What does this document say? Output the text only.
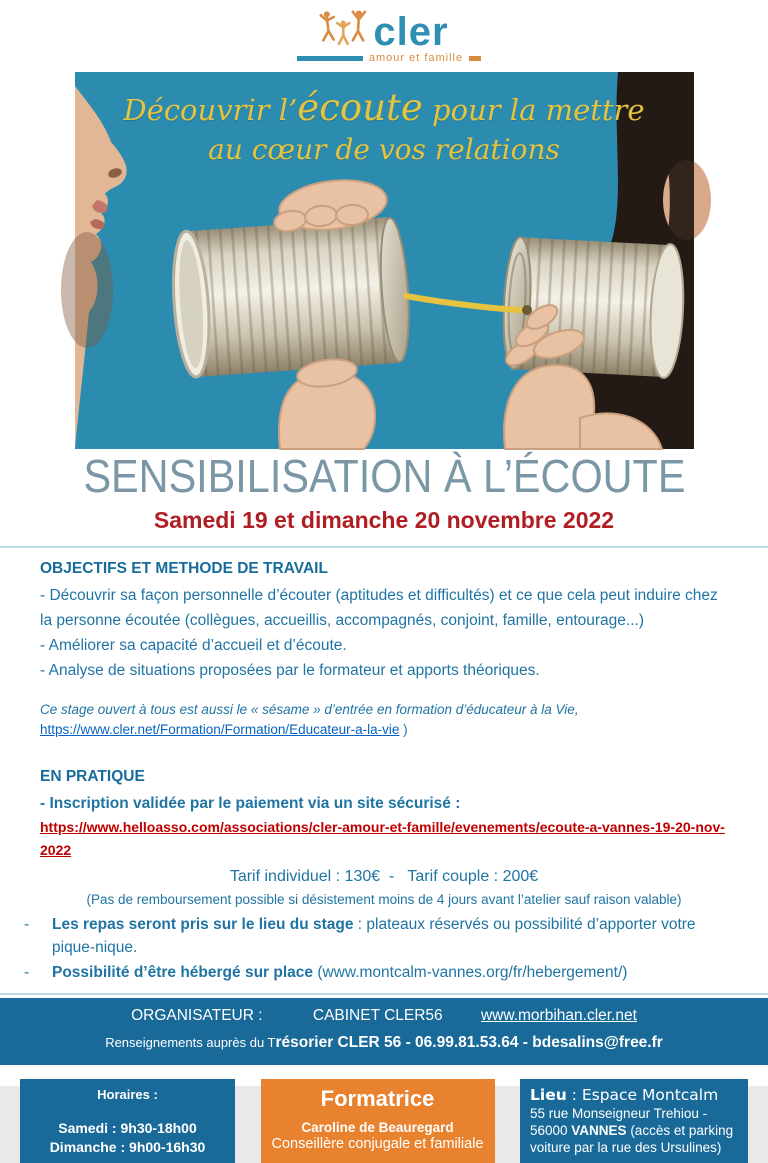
cler
amour et famille
Découvrir l’écoute pour la mettre
au cœur de vos relations
SENSIBILISATION À L’ÉCOUTE
Samedi 19 et dimanche 20 novembre 2022
OBJECTIFS ET METHODE DE TRAVAIL

- Découvrir sa façon personnelle d’écouter (aptitudes et difficultés) et ce que cela peut induire chez la personne écoutée (collègues, accueillis, accompagnés, conjoint, famille, entourage...)

- Améliorer sa capacité d’accueil et d’écoute.

- Analyse de situations proposées par le formateur et apports théoriques.

Ce stage ouvert à tous est aussi le « sésame » d’entrée en formation d’éducateur à la Vie,
https://www.cler.net/Formation/Formation/Educateur-a-la-vie )
EN PRATIQUE

- Inscription validée par le paiement via un site sécurisé :

https://www.helloasso.com/associations/cler-amour-et-famille/evenements/ecoute-a-vannes-19-20-nov-2022

Tarif individuel : 130€  -   Tarif couple : 200€

(Pas de remboursement possible si désistement moins de 4 jours avant l’atelier sauf raison valable)

-	Les repas seront pris sur le lieu du stage : plateaux réservés ou possibilité d’apporter votre pique-nique.
-	Possibilité d’être hébergé sur place (www.montcalm-vannes.org/fr/hebergement/)
ORGANISATEUR :	CABINET CLER56 www.morbihan.cler.net
Renseignements auprès du Trésorier CLER 56 - 06.99.81.53.64 - bdesalins@free.fr
Horaires :
Samedi : 9h30-18h00
Dimanche : 9h00-16h30
Formatrice
Caroline de Beauregard
Conseillère conjugale et familiale
Lieu : Espace Montcalm
55 rue Monseigneur Trehiou -
56000 VANNES (accès et parking
voiture par la rue des Ursulines)
